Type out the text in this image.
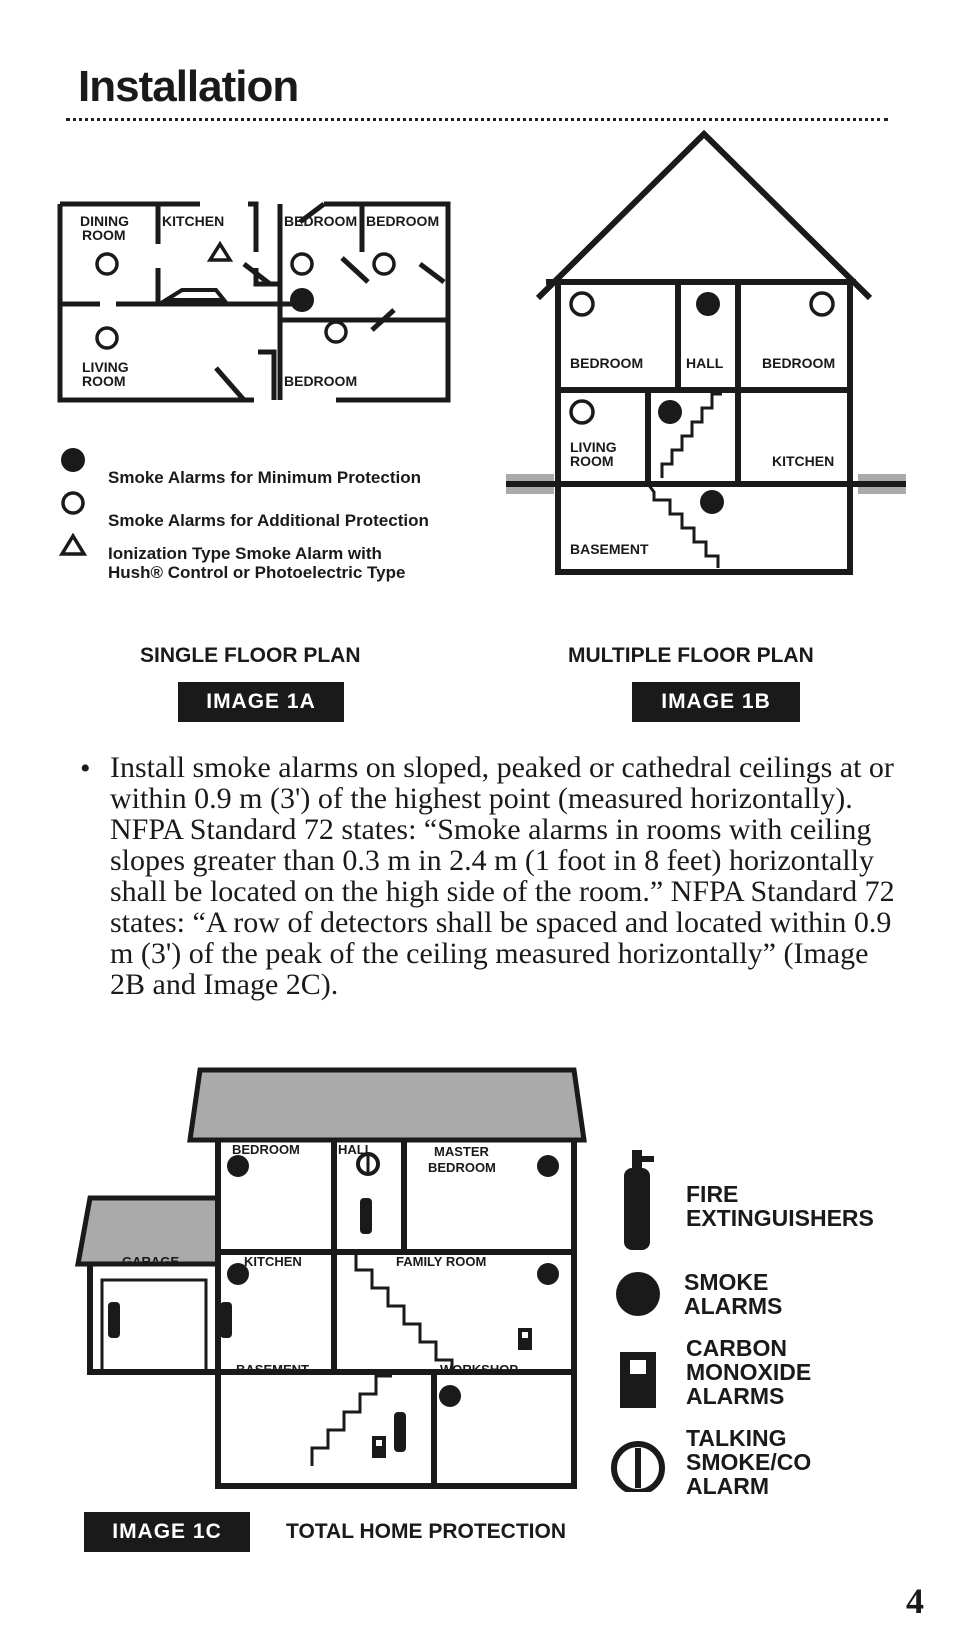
Installation
DINING
ROOM
KITCHEN	BEDROOM BEDROOM
LIVING
ROOM	BEDROOM
Smoke Alarms for Minimum Protection
Smoke Alarms for Additional Protection
Ionization Type Smoke Alarm with
Hush® Control or Photoelectric Type
SINGLE FLOOR PLAN
IMAGE 1A
BEDROOM	HALL	BEDROOM
LIVING
ROOM	KITCHEN
BASEMENT
MULTIPLE FLOOR PLAN
IMAGE 1B
• Install smoke alarms on sloped, peaked or cathedral ceilings at or within 0.9 m (3') of the highest point (measured horizontally). NFPA Standard 72 states: “Smoke alarms in rooms with ceiling slopes greater than 0.3 m in 2.4 m (1 foot in 8 feet) horizontally shall be located on the high side of the room.” NFPA Standard 72 states: “A row of detectors shall be spaced and located within 0.9 m (3') of the peak of the ceiling measured horizontally” (Image 2B and Image 2C).
BEDROOM	HALL	MASTER
BEDROOM
GARAGE	KITCHEN	FAMILY ROOM
BASEMENT	WORKSHOP
FIRE
EXTINGUISHERS
SMOKE
ALARMS
CARBON
MONOXIDE
ALARMS
TALKING
SMOKE/CO
ALARM
IMAGE 1C	TOTAL HOME PROTECTION
4
